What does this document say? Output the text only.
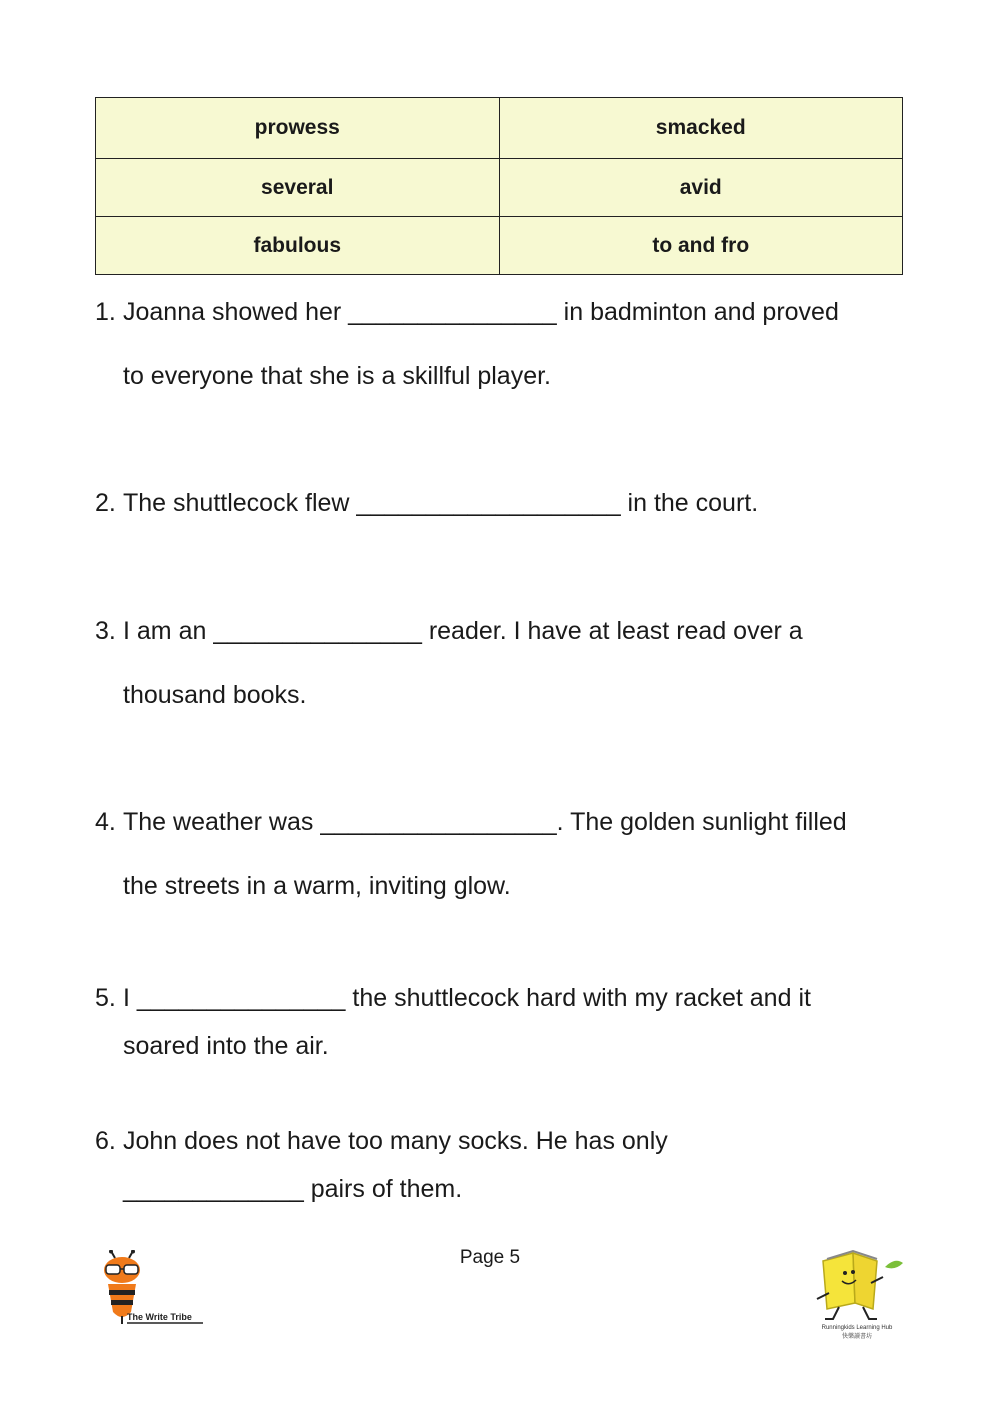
prowess	smacked
several	avid
fabulous	to and fro
1. Joanna showed her _______________ in badminton and proved
to everyone that she is a skillful player.
2. The shuttlecock flew ___________________ in the court.
3. I am an _______________ reader. I have at least read over a
thousand books.
4. The weather was _________________. The golden sunlight filled
the streets in a warm, inviting glow.
5. I _______________ the shuttlecock hard with my racket and it
soared into the air.
6. John does not have too many socks. He has only
_____________ pairs of them.
Page 5
The Write Tribe
Runningkids Learning Hub
快樂讀書坊
